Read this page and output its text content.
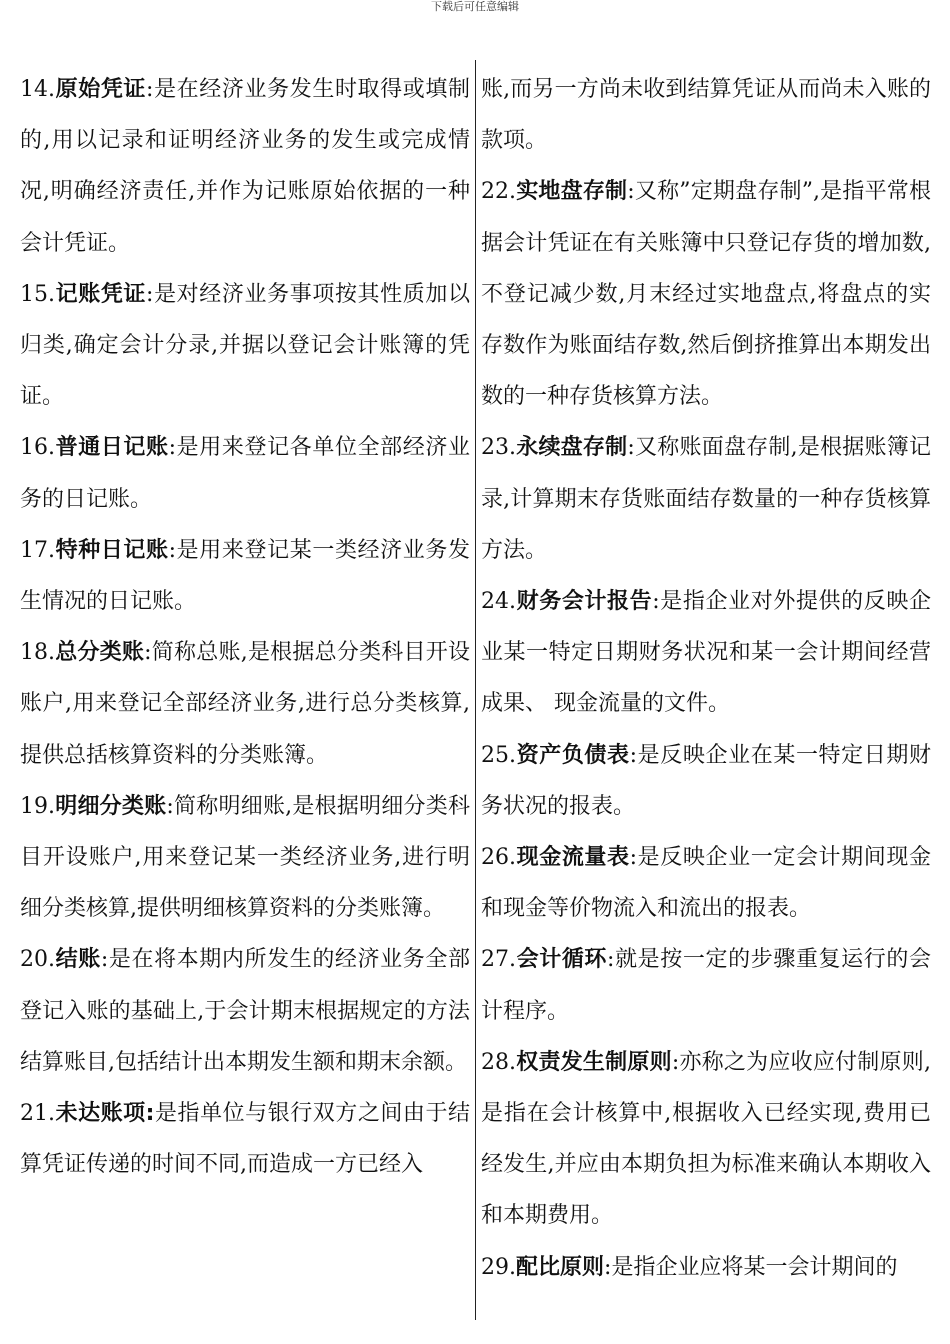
下载后可任意编辑

14.原始凭证:是在经济业务发生时取得或填制的,用以记录和证明经济业务的发生或完成情况,明确经济责任,并作为记账原始依据的一种会计凭证。

15.记账凭证:是对经济业务事项按其性质加以归类,确定会计分录,并据以登记会计账簿的凭证。

16.普通日记账:是用来登记各单位全部经济业务的日记账。

17.特种日记账:是用来登记某一类经济业务发生情况的日记账。

18.总分类账:简称总账,是根据总分类科目开设账户,用来登记全部经济业务,进行总分类核算,提供总括核算资料的分类账簿。

19.明细分类账:简称明细账,是根据明细分类科目开设账户,用来登记某一类经济业务,进行明细分类核算,提供明细核算资料的分类账簿。

20.结账:是在将本期内所发生的经济业务全部登记入账的基础上,于会计期末根据规定的方法结算账目,包括结计出本期发生额和期末余额。

21.未达账项:是指单位与银行双方之间由于结算凭证传递的时间不同,而造成一方已经入

账,而另一方尚未收到结算凭证从而尚未入账的款项。

22.实地盘存制:又称”定期盘存制”,是指平常根据会计凭证在有关账簿中只登记存货的增加数,不登记减少数,月末经过实地盘点,将盘点的实存数作为账面结存数,然后倒挤推算出本期发出数的一种存货核算方法。

23.永续盘存制:又称账面盘存制,是根据账簿记录,计算期末存货账面结存数量的一种存货核算方法。

24.财务会计报告:是指企业对外提供的反映企业某一特定日期财务状况和某一会计期间经营成果、 现金流量的文件。

25.资产负债表:是反映企业在某一特定日期财务状况的报表。

26.现金流量表:是反映企业一定会计期间现金和现金等价物流入和流出的报表。

27.会计循环:就是按一定的步骤重复运行的会计程序。

28.权责发生制原则:亦称之为应收应付制原则,是指在会计核算中,根据收入已经实现,费用已经发生,并应由本期负担为标准来确认本期收入和本期费用。

29.配比原则:是指企业应将某一会计期间的
